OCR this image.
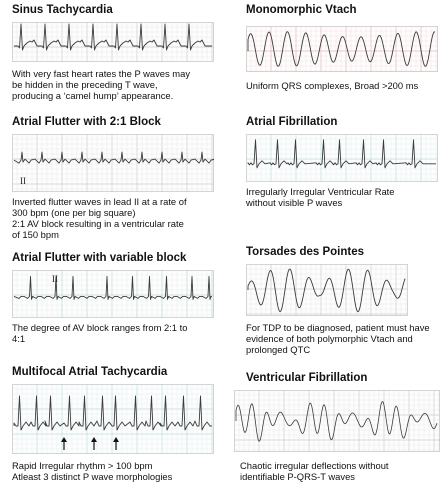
Sinus Tachycardia
With very fast heart rates the P waves may
be hidden in the preceding T wave,
producing a ‘camel hump’ appearance.
Atrial Flutter with 2:1 Block
II
Inverted flutter waves in lead II at a rate of
300 bpm (one per big square)
2:1 AV block resulting in a ventricular rate
of 150 bpm
Atrial Flutter with variable block
II
The degree of AV block ranges from 2:1 to
4:1
Multifocal Atrial Tachycardia
Rapid Irregular rhythm > 100 bpm
Atleast 3 distinct P wave morphologies
Monomorphic Vtach
Uniform QRS complexes, Broad >200 ms
Atrial Fibrillation
Irregularly Irregular Ventricular Rate
without visible P waves
Torsades des Pointes
For TDP to be diagnosed, patient must have
evidence of both polymorphic Vtach and
prolonged QTC
Ventricular Fibrillation
Chaotic irregular deflections without
identifiable P-QRS-T waves
